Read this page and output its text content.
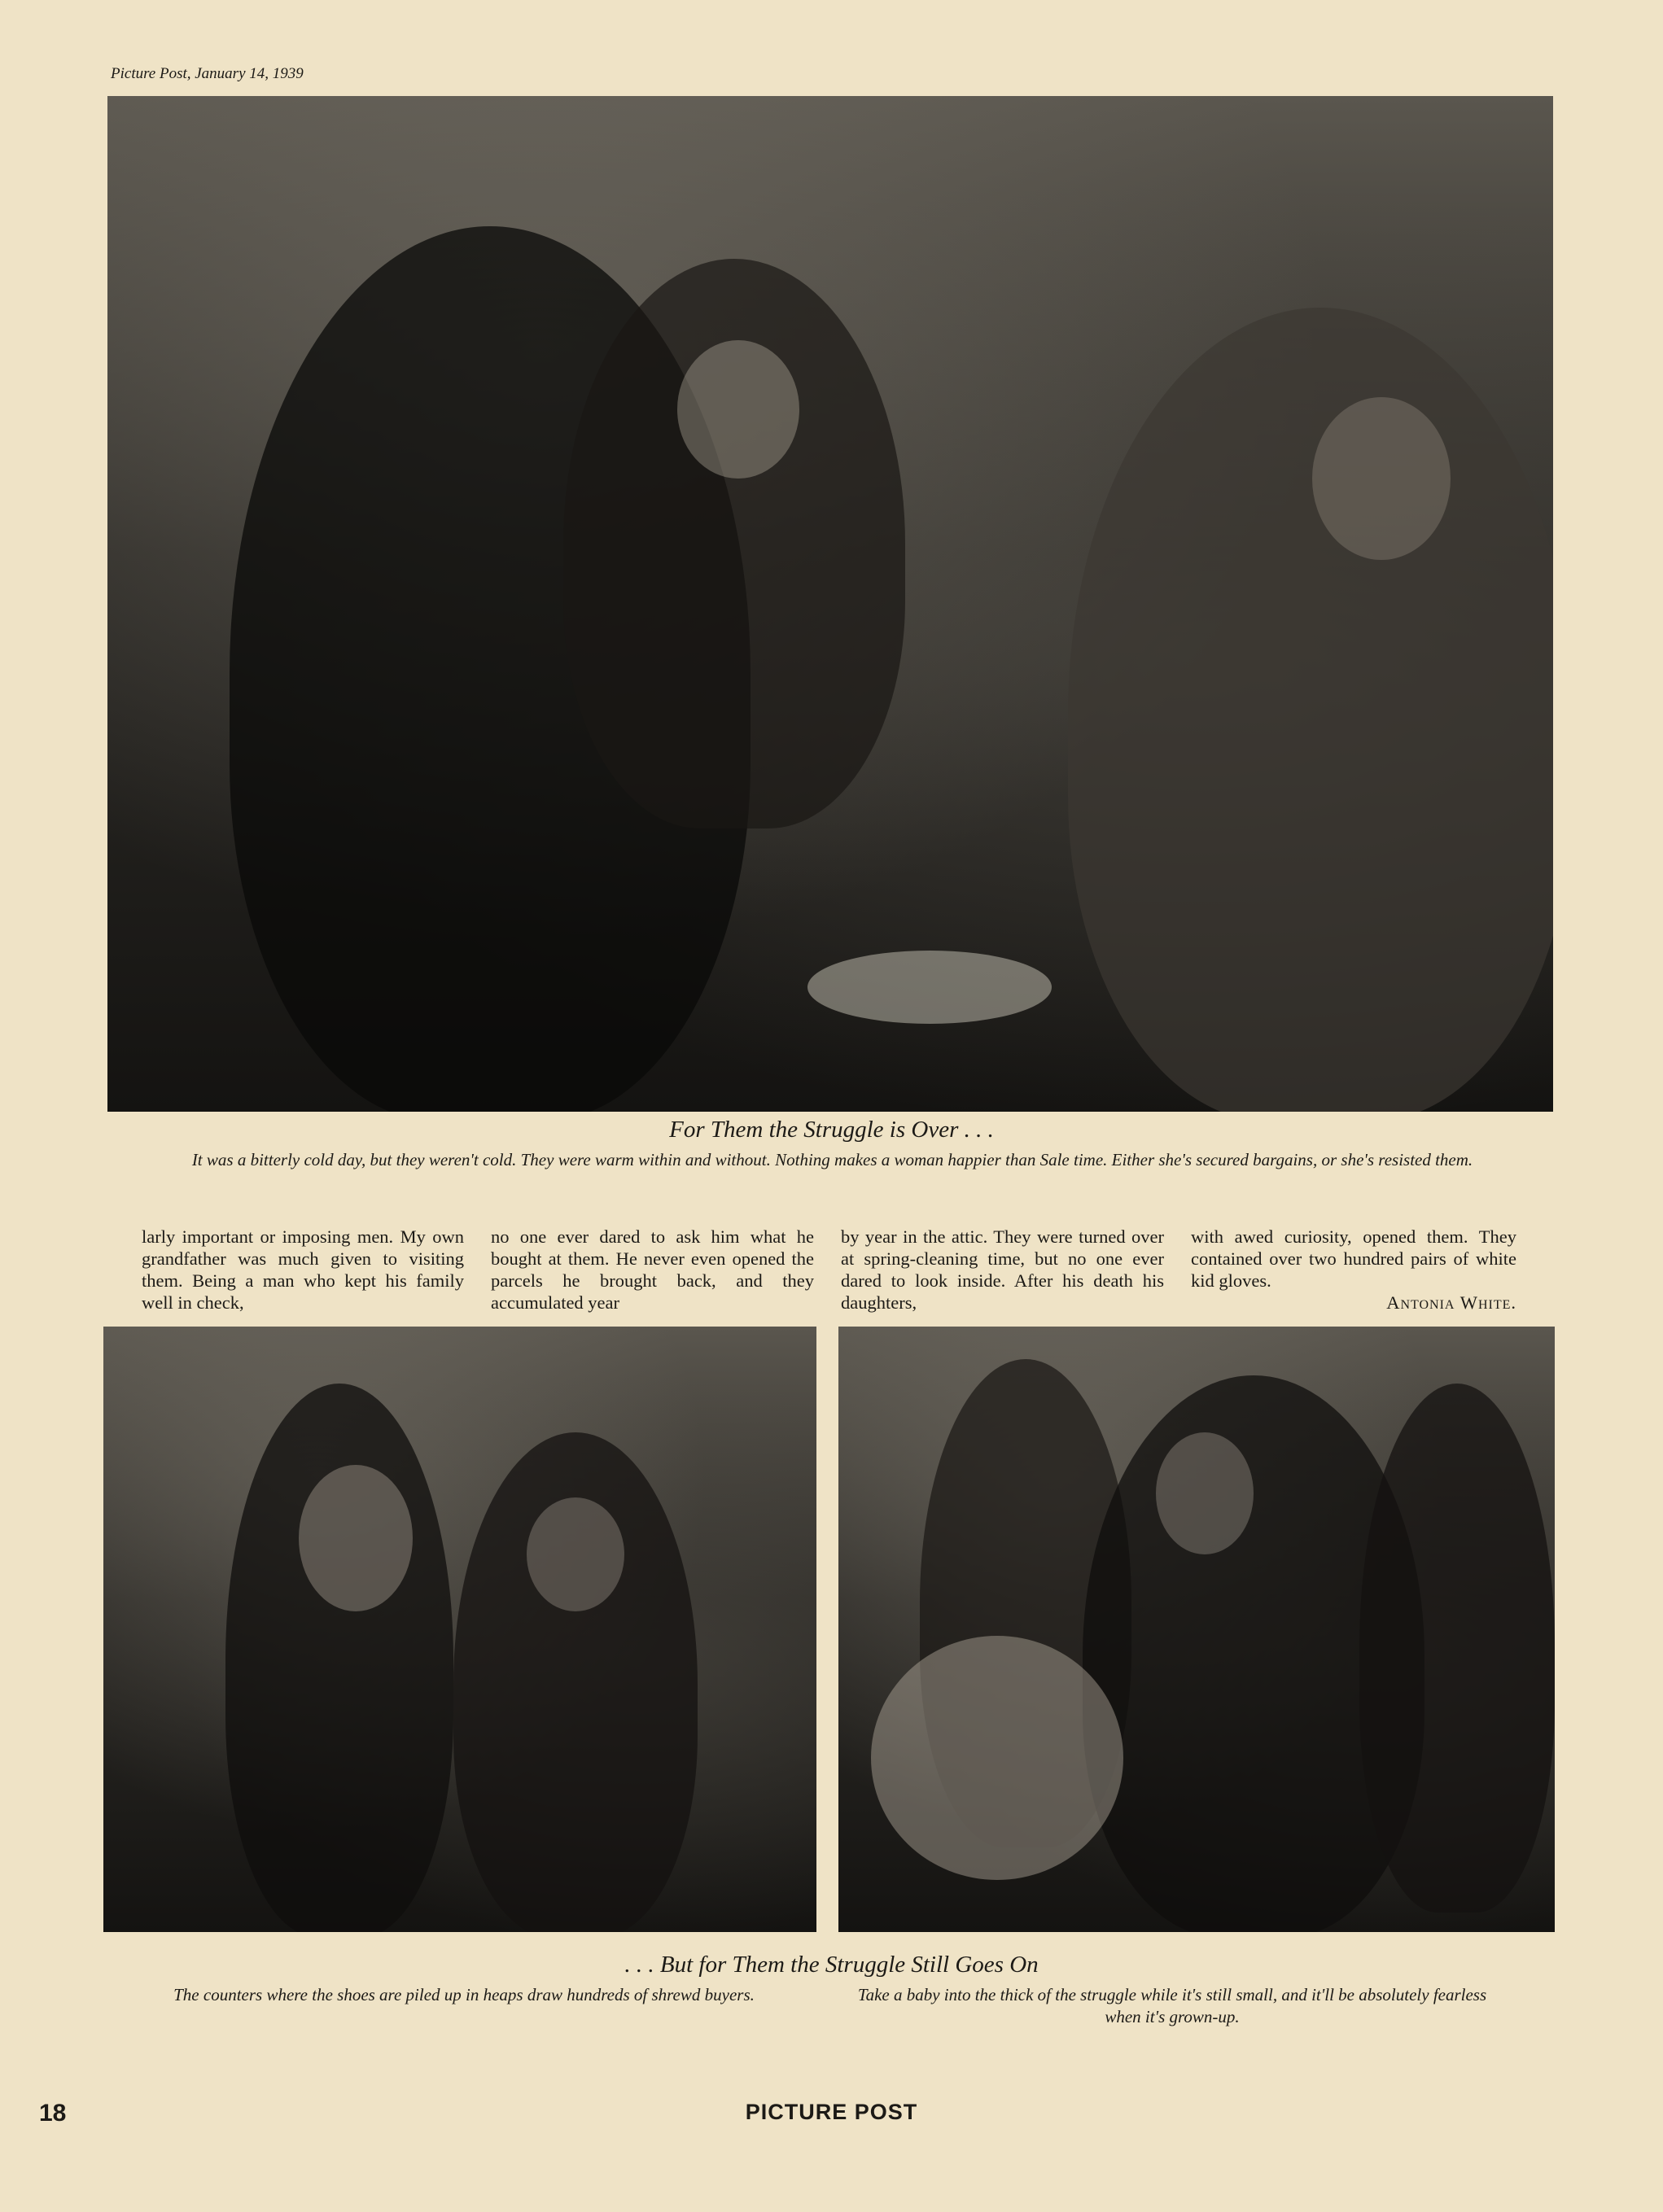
Picture Post, January 14, 1939
For Them the Struggle is Over . . .
It was a bitterly cold day, but they weren't cold. They were warm within and without. Nothing makes a woman happier than Sale time. Either she's secured bargains, or she's resisted them.

larly important or imposing men. My own grandfather was much given to visiting them. Being a man who kept his family well in check,

no one ever dared to ask him what he bought at them. He never even opened the parcels he brought back, and they accumulated year

by year in the attic. They were turned over at spring-cleaning time, but no one ever dared to look inside. After his death his daughters,

with awed curiosity, opened them. They contained over two hundred pairs of white kid gloves.

Antonia White.

. . . But for Them the Struggle Still Goes On
The counters where the shoes are piled up in heaps draw hundreds of shrewd buyers.	Take a baby into the thick of the struggle while it's still small, and it'll be absolutely fearless when it's grown-up.
18	PICTURE POST
